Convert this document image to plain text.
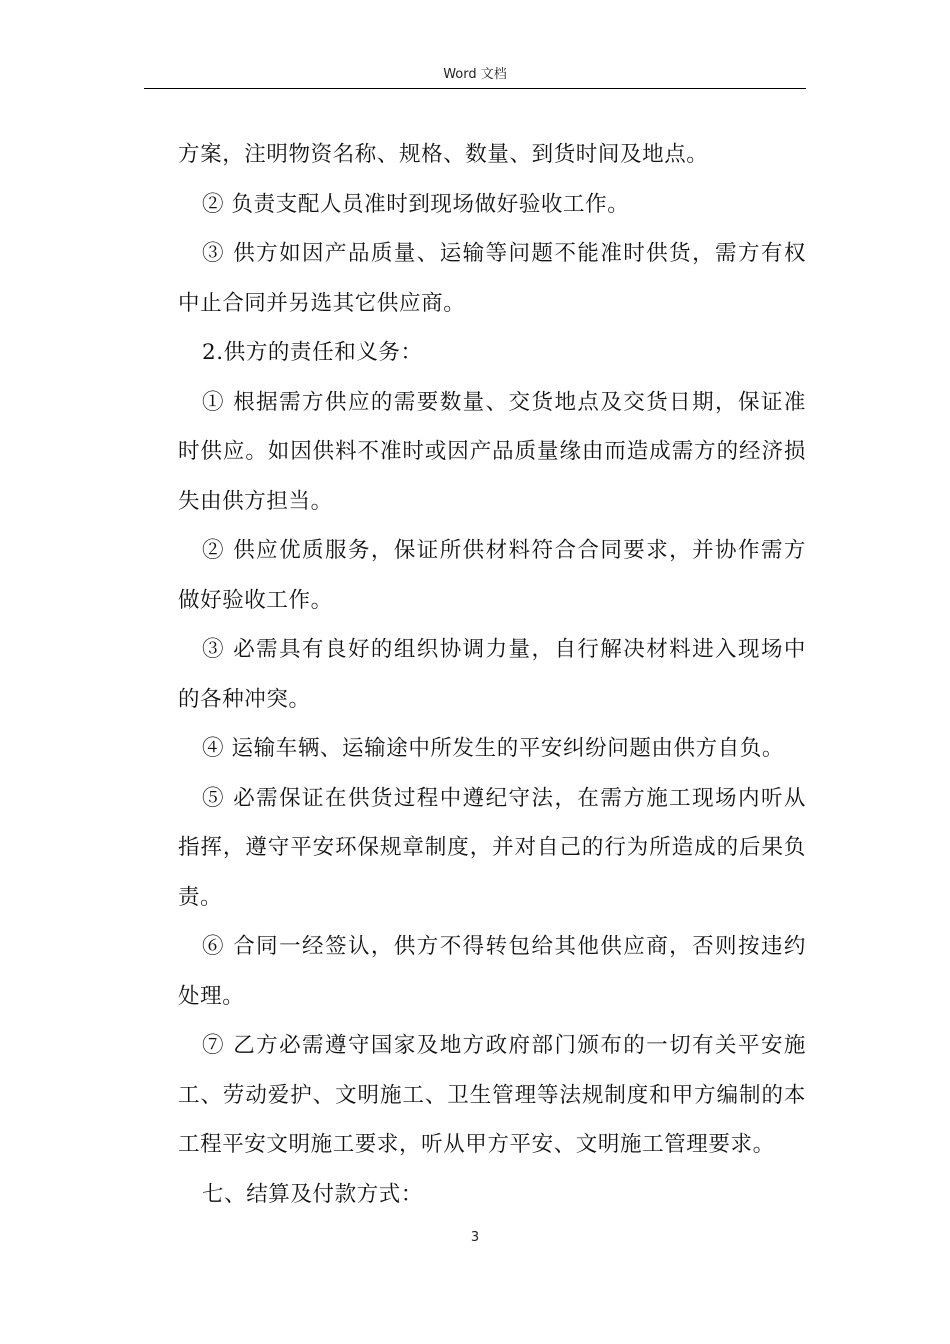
Word 文档

方案，注明物资名称、规格、数量、到货时间及地点。

② 负责支配人员准时到现场做好验收工作。

③ 供方如因产品质量、运输等问题不能准时供货，需方有权中止合同并另选其它供应商。

2.供方的责任和义务：

① 根据需方供应的需要数量、交货地点及交货日期，保证准时供应。如因供料不准时或因产品质量缘由而造成需方的经济损失由供方担当。

② 供应优质服务，保证所供材料符合合同要求，并协作需方做好验收工作。

③ 必需具有良好的组织协调力量，自行解决材料进入现场中的各种冲突。

④ 运输车辆、运输途中所发生的平安纠纷问题由供方自负。

⑤ 必需保证在供货过程中遵纪守法，在需方施工现场内听从指挥，遵守平安环保规章制度，并对自己的行为所造成的后果负责。

⑥ 合同一经签认，供方不得转包给其他供应商，否则按违约处理。

⑦ 乙方必需遵守国家及地方政府部门颁布的一切有关平安施工、劳动爱护、文明施工、卫生管理等法规制度和甲方编制的本工程平安文明施工要求，听从甲方平安、文明施工管理要求。

七、结算及付款方式：

3
